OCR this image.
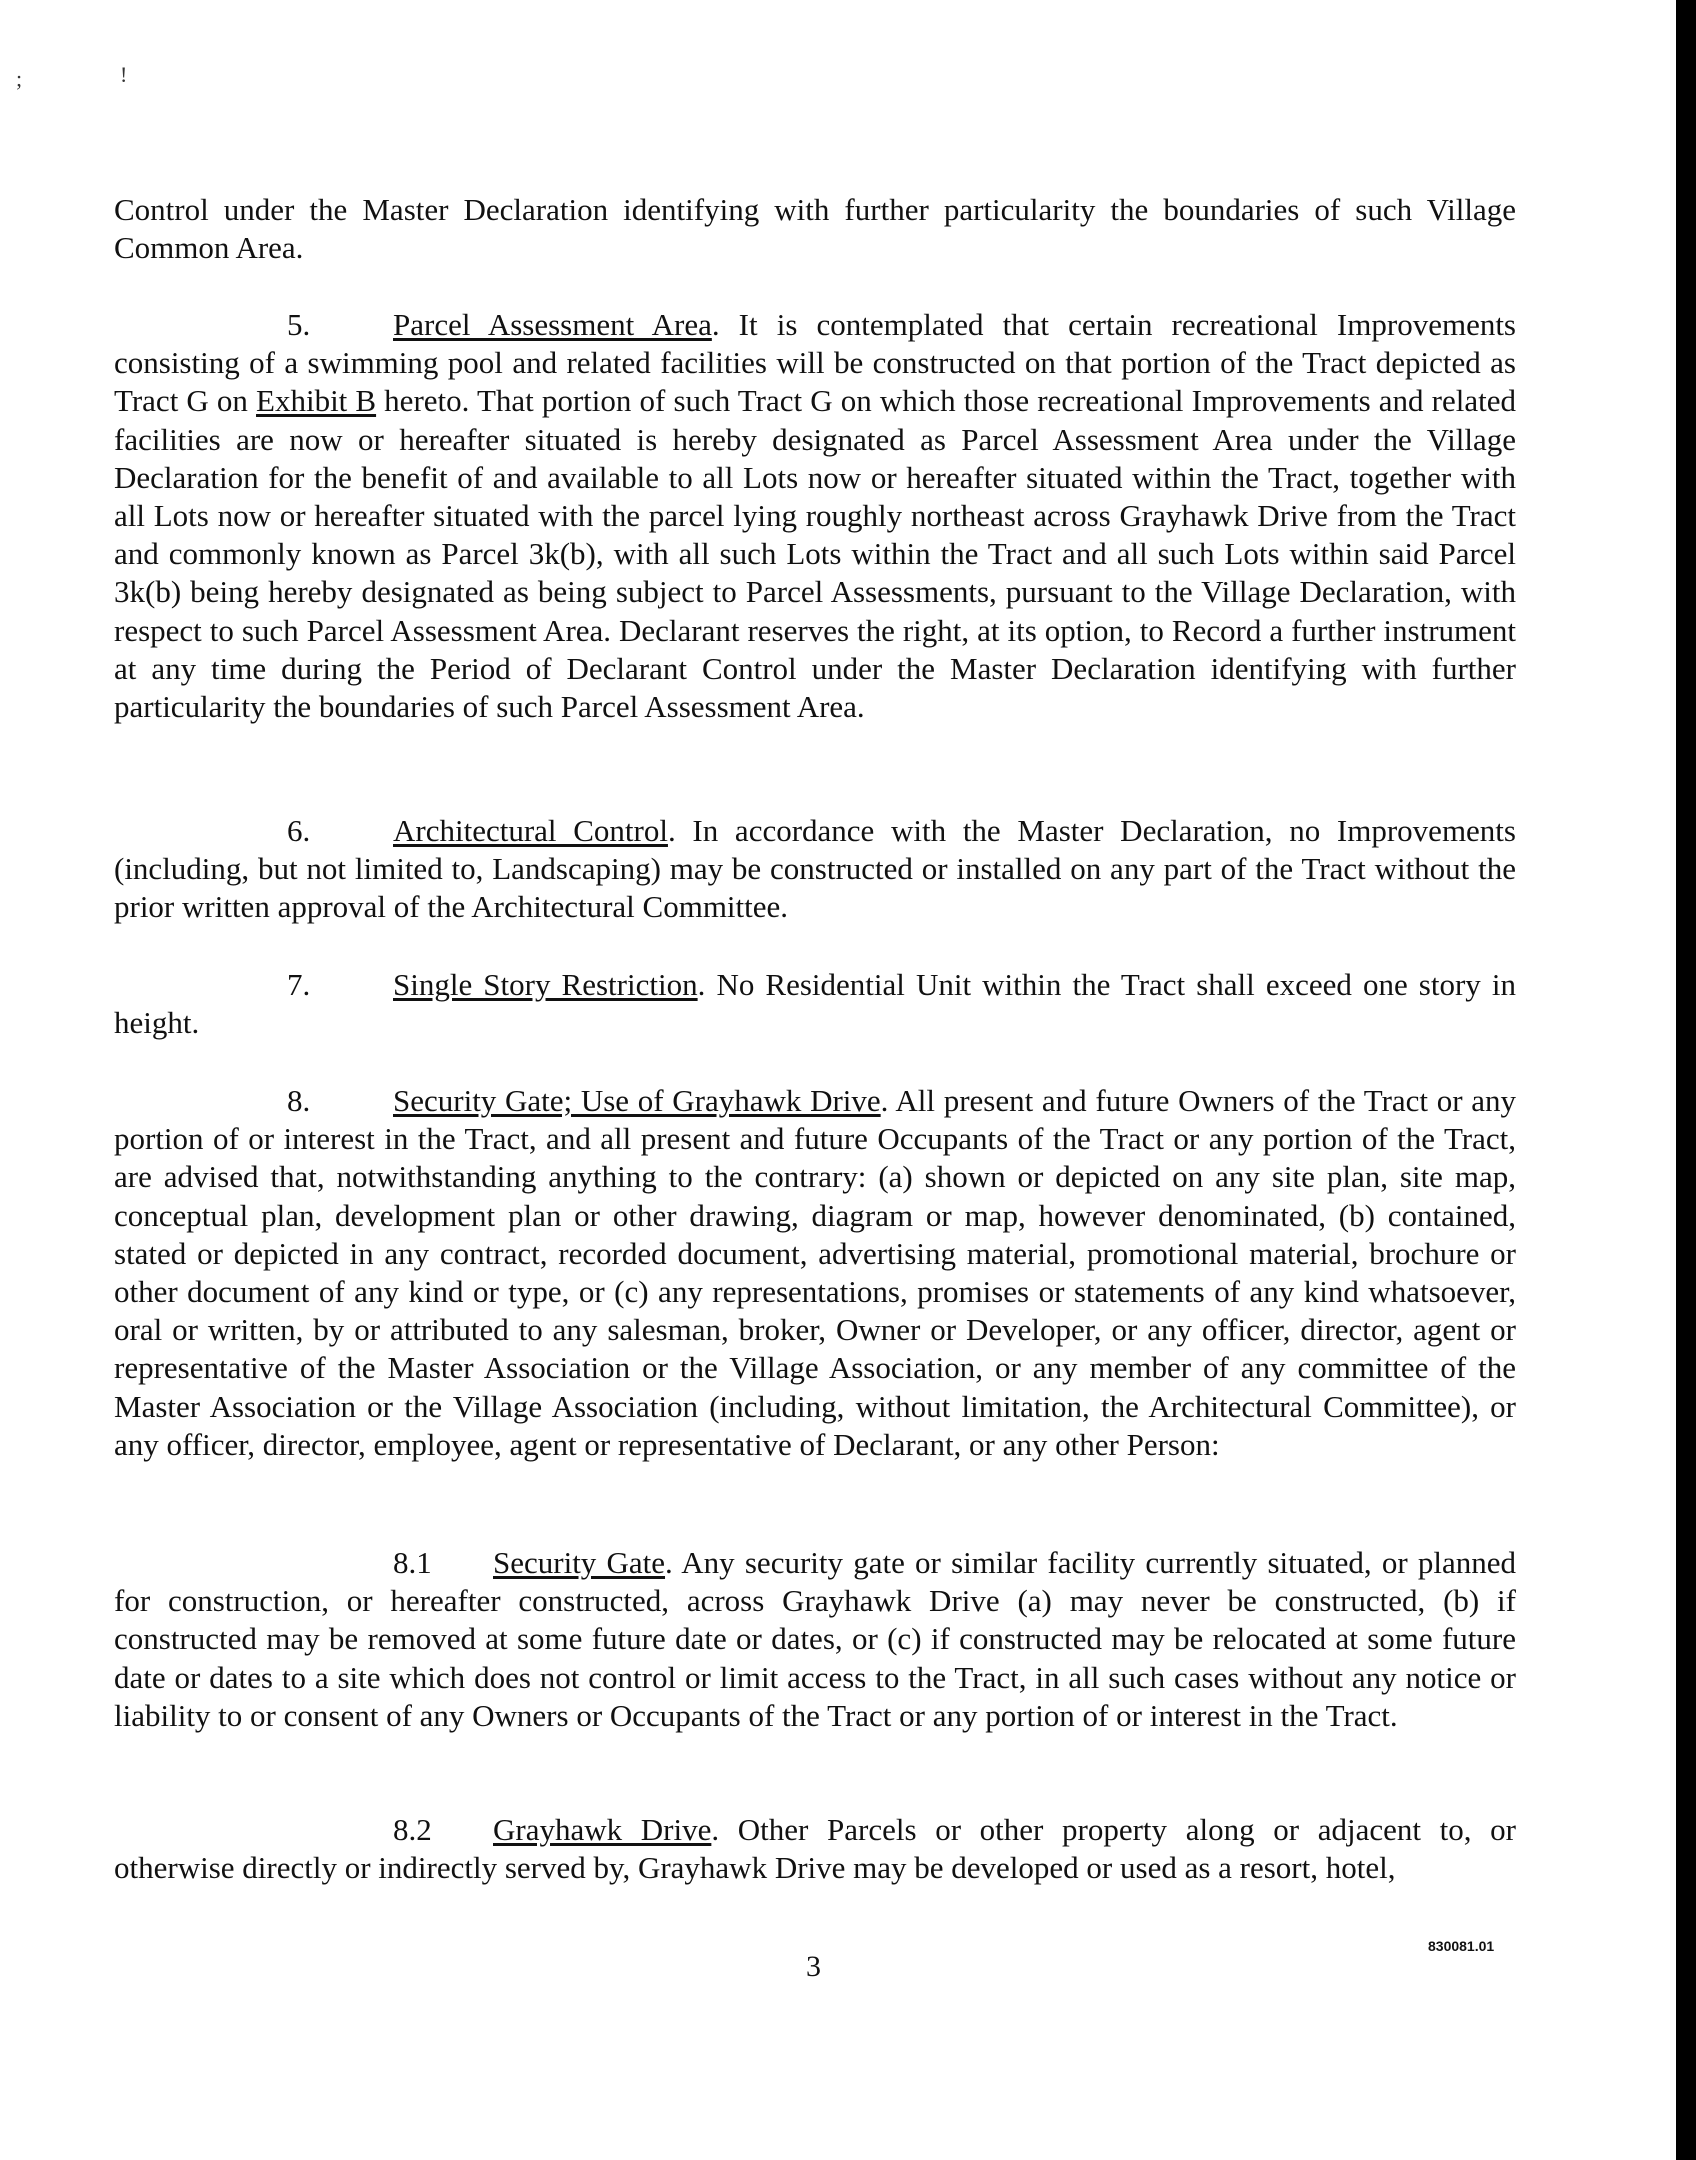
;	!

Control under the Master Declaration identifying with further particularity the boundaries of such Village Common Area.

5.	Parcel Assessment Area. It is contemplated that certain recreational Improvements consisting of a swimming pool and related facilities will be constructed on that portion of the Tract depicted as Tract G on Exhibit B hereto. That portion of such Tract G on which those recreational Improvements and related facilities are now or hereafter situated is hereby designated as Parcel Assessment Area under the Village Declaration for the benefit of and available to all Lots now or hereafter situated within the Tract, together with all Lots now or hereafter situated with the parcel lying roughly northeast across Grayhawk Drive from the Tract and commonly known as Parcel 3k(b), with all such Lots within the Tract and all such Lots within said Parcel 3k(b) being hereby designated as being subject to Parcel Assessments, pursuant to the Village Declaration, with respect to such Parcel Assessment Area. Declarant reserves the right, at its option, to Record a further instrument at any time during the Period of Declarant Control under the Master Declaration identifying with further particularity the boundaries of such Parcel Assessment Area.

6.	Architectural Control. In accordance with the Master Declaration, no Improvements (including, but not limited to, Landscaping) may be constructed or installed on any part of the Tract without the prior written approval of the Architectural Committee.

7.	Single Story Restriction. No Residential Unit within the Tract shall exceed one story in height.

8.	Security Gate; Use of Grayhawk Drive. All present and future Owners of the Tract or any portion of or interest in the Tract, and all present and future Occupants of the Tract or any portion of the Tract, are advised that, notwithstanding anything to the contrary: (a) shown or depicted on any site plan, site map, conceptual plan, development plan or other drawing, diagram or map, however denominated, (b) contained, stated or depicted in any contract, recorded document, advertising material, promotional material, brochure or other document of any kind or type, or (c) any representations, promises or statements of any kind whatsoever, oral or written, by or attributed to any salesman, broker, Owner or Developer, or any officer, director, agent or representative of the Master Association or the Village Association, or any member of any committee of the Master Association or the Village Association (including, without limitation, the Architectural Committee), or any officer, director, employee, agent or representative of Declarant, or any other Person:

8.1 Security Gate. Any security gate or similar facility currently situated, or planned for construction, or hereafter constructed, across Grayhawk Drive (a) may never be constructed, (b) if constructed may be removed at some future date or dates, or (c) if constructed may be relocated at some future date or dates to a site which does not control or limit access to the Tract, in all such cases without any notice or liability to or consent of any Owners or Occupants of the Tract or any portion of or interest in the Tract.

8.2 Grayhawk Drive. Other Parcels or other property along or adjacent to, or otherwise directly or indirectly served by, Grayhawk Drive may be developed or used as a resort, hotel,

830081.01
3
